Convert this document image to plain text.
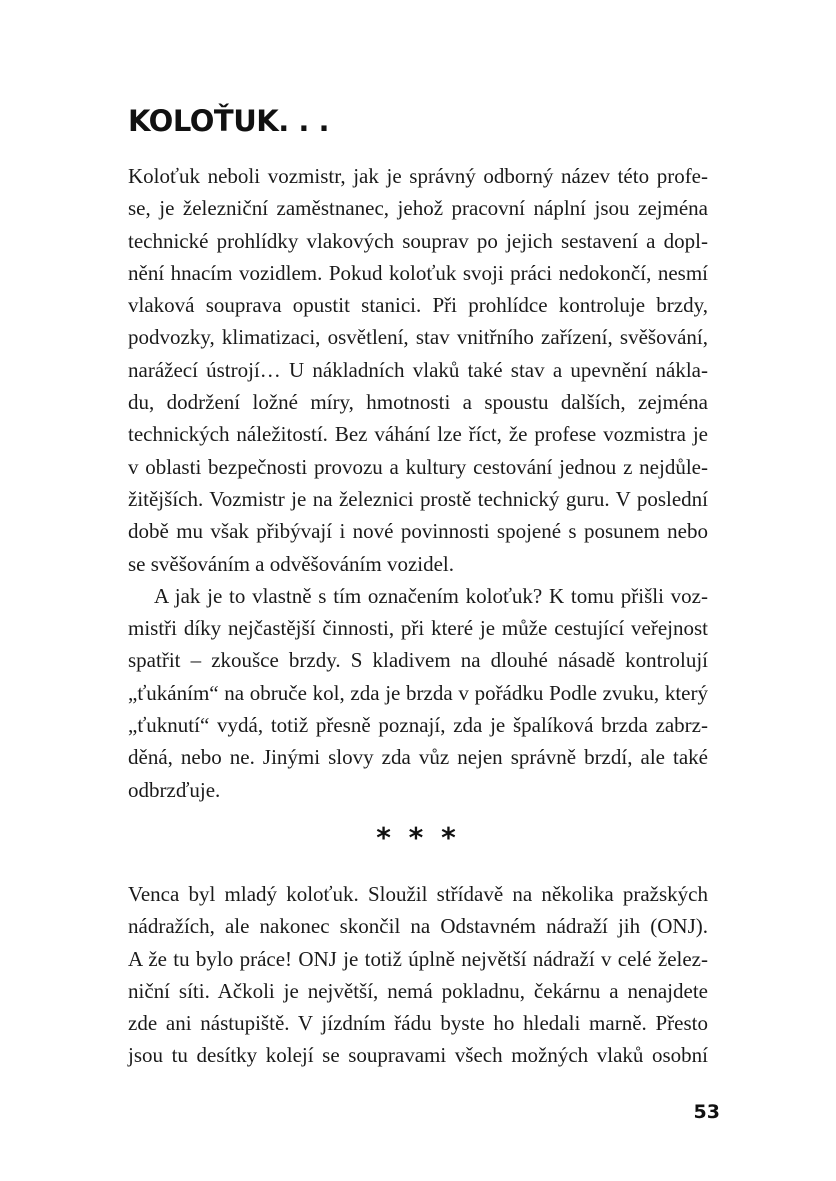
KOLOŤUK. . .
Koloťuk neboli vozmistr, jak je správný odborný název této profe-
se, je železniční zaměstnanec, jehož pracovní náplní jsou zejména
technické prohlídky vlakových souprav po jejich sestavení a dopl-
nění hnacím vozidlem. Pokud koloťuk svoji práci nedokončí, nesmí
vlaková souprava opustit stanici. Při prohlídce kontroluje brzdy,
podvozky, klimatizaci, osvětlení, stav vnitřního zařízení, svěšování,
narážecí ústrojí… U nákladních vlaků také stav a upevnění nákla-
du, dodržení ložné míry, hmotnosti a spoustu dalších, zejména
technických náležitostí. Bez váhání lze říct, že profese vozmistra je
v oblasti bezpečnosti provozu a kultury cestování jednou z nejdůle-
žitějších. Vozmistr je na železnici prostě technický guru. V poslední
době mu však přibývají i nové povinnosti spojené s posunem nebo
se svěšováním a odvěšováním vozidel.
A jak je to vlastně s tím označením koloťuk? K tomu přišli voz-
mistři díky nejčastější činnosti, při které je může cestující veřejnost
spatřit – zkoušce brzdy. S kladivem na dlouhé násadě kontrolují
„ťukáním“ na obruče kol, zda je brzda v pořádku Podle zvuku, který
„ťuknutí“ vydá, totiž přesně poznají, zda je špalíková brzda zabrz-
děná, nebo ne. Jinými slovy zda vůz nejen správně brzdí, ale také
odbrzďuje.
* * *
Venca byl mladý koloťuk. Sloužil střídavě na několika pražských
nádražích, ale nakonec skončil na Odstavném nádraží jih (ONJ).
A že tu bylo práce! ONJ je totiž úplně největší nádraží v celé želez-
niční síti. Ačkoli je největší, nemá pokladnu, čekárnu a nenajdete
zde ani nástupiště. V jízdním řádu byste ho hledali marně. Přesto
jsou tu desítky kolejí se soupravami všech možných vlaků osobní
53
